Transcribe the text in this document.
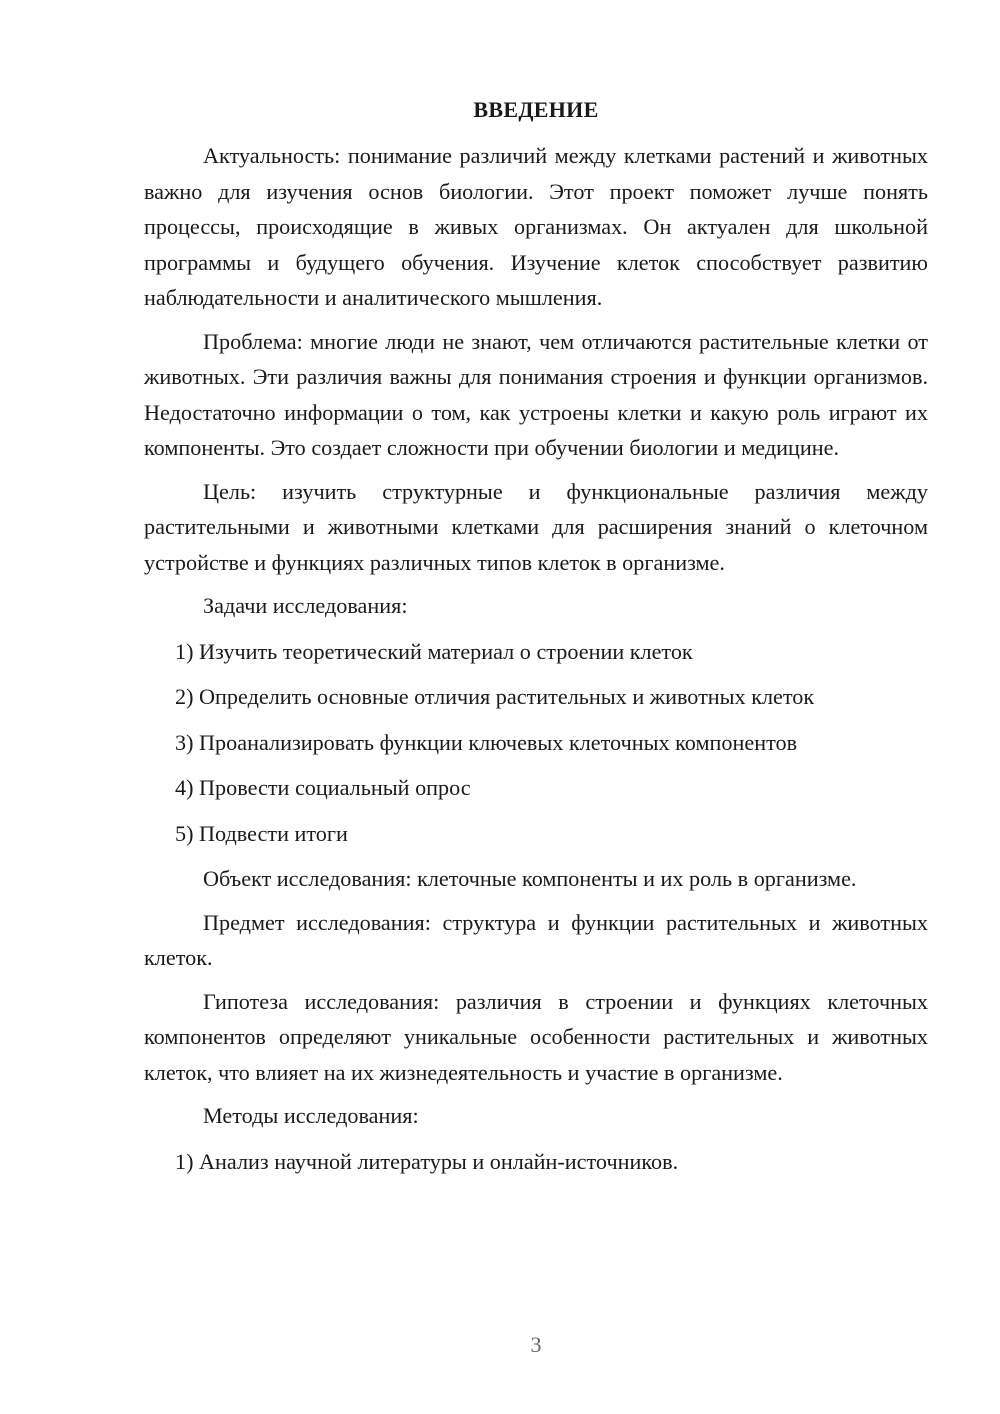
ВВЕДЕНИЕ

Актуальность: понимание различий между клетками растений и животных важно для изучения основ биологии. Этот проект поможет лучше понять процессы, происходящие в живых организмах. Он актуален для школьной программы и будущего обучения. Изучение клеток способствует развитию наблюдательности и аналитического мышления.

Проблема: многие люди не знают, чем отличаются растительные клетки от животных. Эти различия важны для понимания строения и функции организмов. Недостаточно информации о том, как устроены клетки и какую роль играют их компоненты. Это создает сложности при обучении биологии и медицине.

Цель: изучить структурные и функциональные различия между растительными и животными клетками для расширения знаний о клеточном устройстве и функциях различных типов клеток в организме.

Задачи исследования:

1) Изучить теоретический материал о строении клеток
2) Определить основные отличия растительных и животных клеток
3) Проанализировать функции ключевых клеточных компонентов
4) Провести социальный опрос
5) Подвести итоги

Объект исследования: клеточные компоненты и их роль в организме.

Предмет исследования: структура и функции растительных и животных клеток.

Гипотеза исследования: различия в строении и функциях клеточных компонентов определяют уникальные особенности растительных и животных клеток, что влияет на их жизнедеятельность и участие в организме.

Методы исследования:

1) Анализ научной литературы и онлайн-источников.
3
